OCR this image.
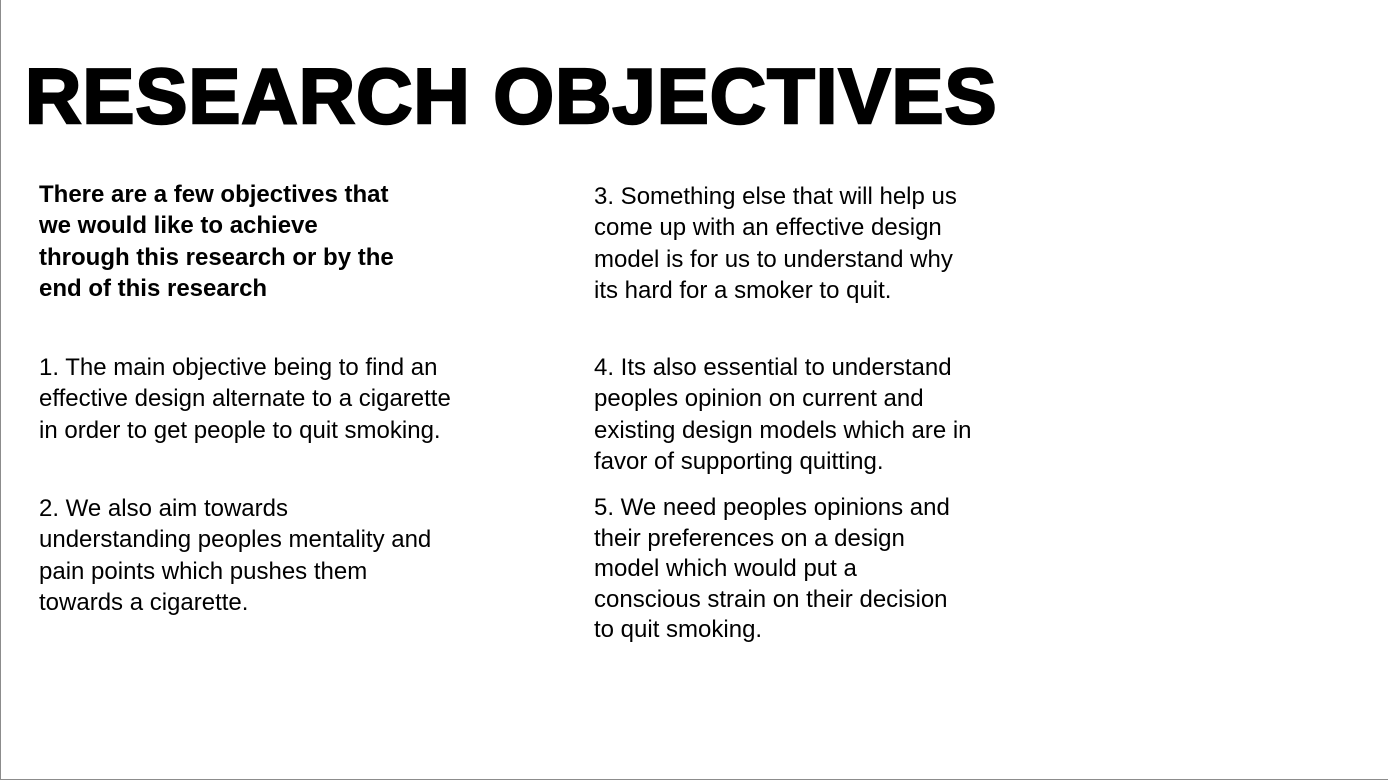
RESEARCH OBJECTIVES

There are a few objectives that
we would like to achieve
through this research or by the
end of this research

1. The main objective being to find an
effective design alternate to a cigarette
in order to get people to quit smoking.

2. We also aim towards
understanding peoples mentality and
pain points which pushes them
towards a cigarette.

3. Something else that will help us
come up with an effective design
model is for us to understand why
its hard for a smoker to quit.

4. Its also essential to understand
peoples opinion on current and
existing design models which are in
favor of supporting quitting.

5. We need peoples opinions and
their preferences on a design
model which would put a
conscious strain on their decision
to quit smoking.
